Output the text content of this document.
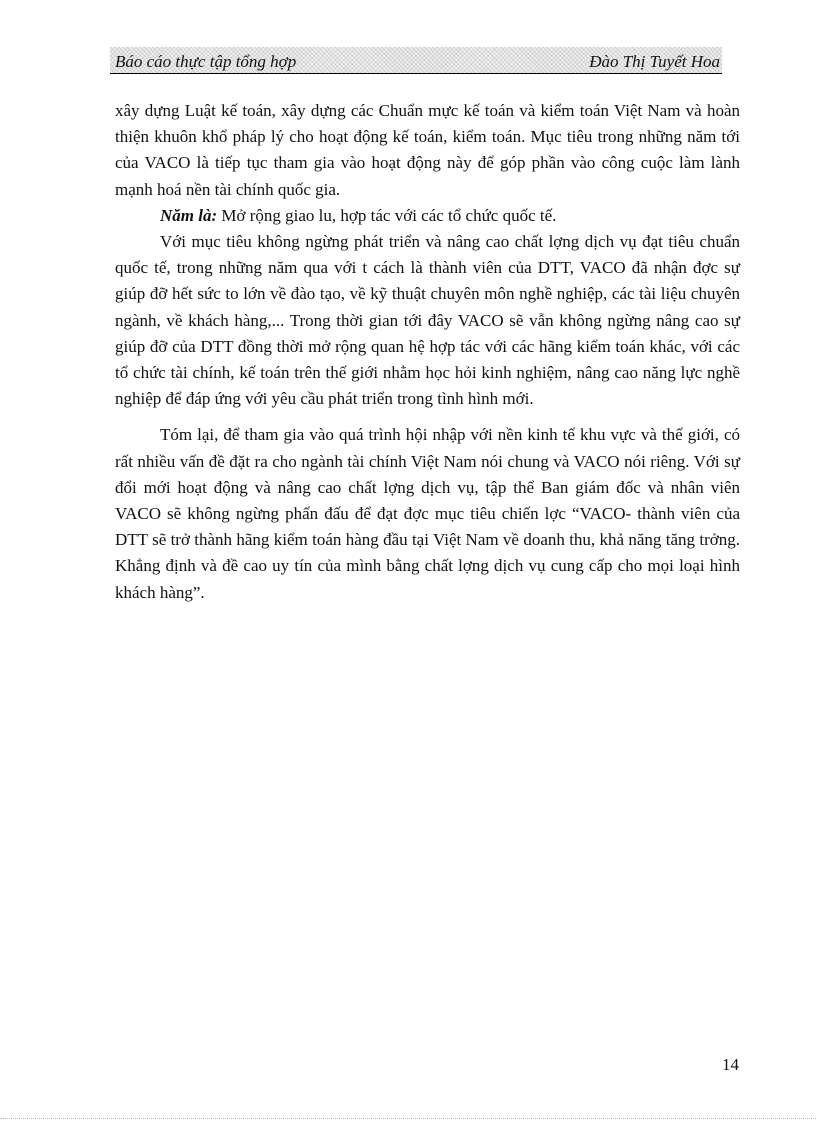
Báo cáo thực tập tổng hợp	Đào Thị Tuyết Hoa

xây dựng Luật kế toán, xây dựng các Chuẩn mực kế toán và kiểm toán Việt Nam và hoàn thiện khuôn khổ pháp lý cho hoạt động kế toán, kiểm toán. Mục tiêu trong những năm tới của VACO là tiếp tục tham gia vào hoạt động này để góp phần vào công cuộc làm lành mạnh hoá nền tài chính quốc gia.

Năm là: Mở rộng giao lu, hợp tác với các tổ chức quốc tế.

Với mục tiêu không ngừng phát triển và nâng cao chất lợng dịch vụ đạt tiêu chuẩn quốc tế, trong những năm qua với t cách là thành viên của DTT, VACO đã nhận đợc sự giúp đỡ hết sức to lớn về đào tạo, về kỹ thuật chuyên môn nghề nghiệp, các tài liệu chuyên ngành, về khách hàng,... Trong thời gian tới đây VACO sẽ vẫn không ngừng nâng cao sự giúp đỡ của DTT đồng thời mở rộng quan hệ hợp tác với các hãng kiểm toán khác, với các tổ chức tài chính, kế toán trên thế giới nhằm học hỏi kinh nghiệm, nâng cao năng lực nghề nghiệp để đáp ứng với yêu cầu phát triển trong tình hình mới.

Tóm lại, để tham gia vào quá trình hội nhập với nền kinh tế khu vực và thế giới, có rất nhiều vấn đề đặt ra cho ngành tài chính Việt Nam nói chung và VACO nói riêng. Với sự đổi mới hoạt động và nâng cao chất lợng dịch vụ, tập thể Ban giám đốc và nhân viên VACO sẽ không ngừng phấn đấu để đạt đợc mục tiêu chiến lợc “VACO- thành viên của DTT sẽ trở thành hãng kiểm toán hàng đầu tại Việt Nam về doanh thu, khả năng tăng trởng. Khẳng định và đề cao uy tín của mình bằng chất lợng dịch vụ cung cấp cho mọi loại hình khách hàng”.

14
